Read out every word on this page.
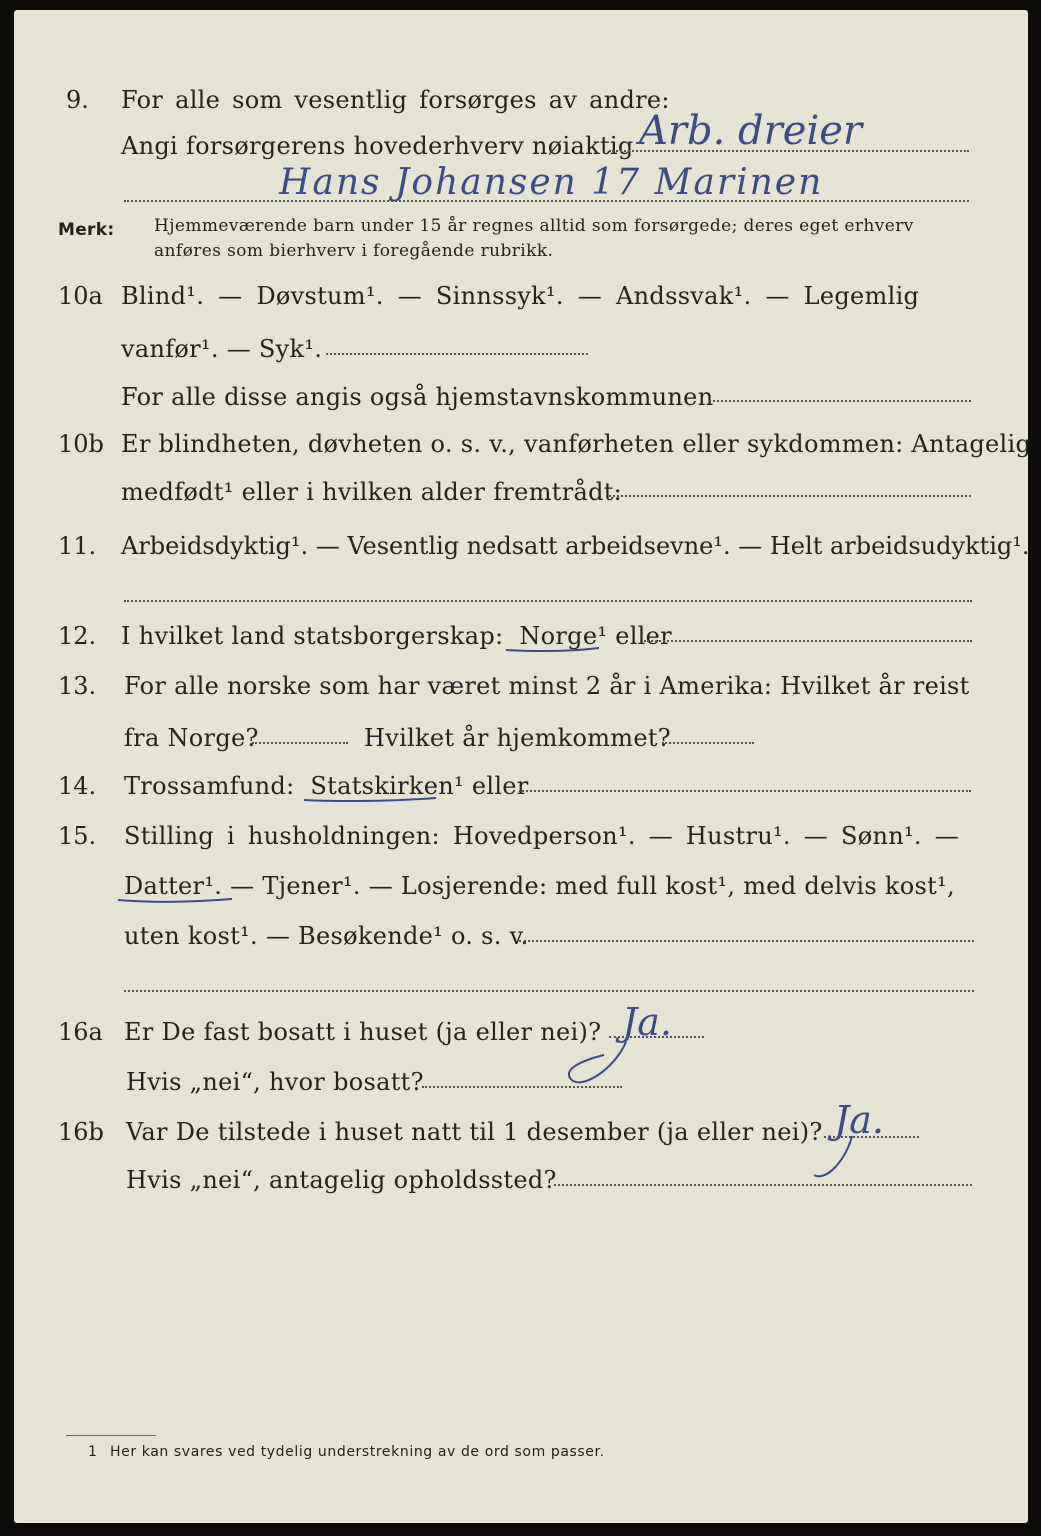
9. For alle som vesentlig forsørges av andre:
Angi forsørgerens hovederhverv nøiaktig Arb. dreier
Hans Johansen 17 Marinen
Merk: Hjemmeværende barn under 15 år regnes alltid som forsørgede; deres eget erhverv
anføres som bierhverv i foregående rubrikk.
10a Blind¹. — Døvstum¹. — Sinnssyk¹. — Andssvak¹. — Legemlig
vanfør¹. — Syk¹.
For alle disse angis også hjemstavnskommunen
10b Er blindheten, døvheten o. s. v., vanførheten eller sykdommen: Antagelig
medfødt¹ eller i hvilken alder fremtrådt:
11. Arbeidsdyktig¹. — Vesentlig nedsatt arbeidsevne¹. — Helt arbeidsudyktig¹.
12. I hvilket land statsborgerskap: Norge¹ eller
13. For alle norske som har været minst 2 år i Amerika: Hvilket år reist
fra Norge?	Hvilket år hjemkommet?
14. Trossamfund: Statskirken¹ eller
15. Stilling i husholdningen: Hovedperson¹. — Hustru¹. — Sønn¹. —
Datter¹. — Tjener¹. — Losjerende: med full kost¹, med delvis kost¹,
uten kost¹. — Besøkende¹ o. s. v.
16a Er De fast bosatt i huset (ja eller nei)? Ja.
Hvis „nei“, hvor bosatt?
16b Var De tilstede i huset natt til 1 desember (ja eller nei)? Ja.
Hvis „nei“, antagelig opholdssted?
1 Her kan svares ved tydelig understrekning av de ord som passer.
